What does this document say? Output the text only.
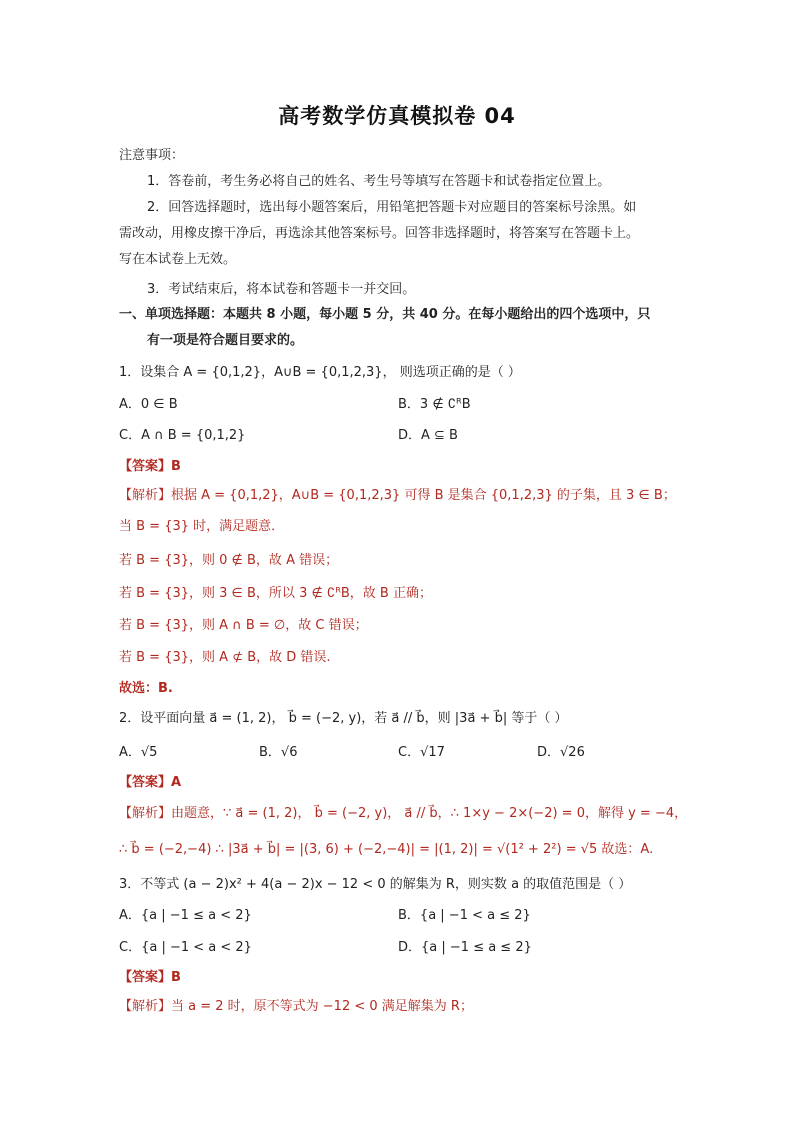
高考数学仿真模拟卷 04
注意事项：
1．答卷前，考生务必将自己的姓名、考生号等填写在答题卡和试卷指定位置上。
2．回答选择题时，选出每小题答案后，用铅笔把答题卡对应题目的答案标号涂黑。如
需改动，用橡皮擦干净后，再选涂其他答案标号。回答非选择题时，将答案写在答题卡上。
写在本试卷上无效。
3．考试结束后，将本试卷和答题卡一并交回。
一、单项选择题：本题共 8 小题，每小题 5 分，共 40 分。在每小题给出的四个选项中，只
有一项是符合题目要求的。
1．设集合 A = {0,1,2}，A∪B = {0,1,2,3}， 则选项正确的是（ ）
A．0 ∈ B	B．3 ∉ ∁ᴿB
C．A ∩ B = {0,1,2}	D．A ⊆ B
【答案】B
【解析】根据 A = {0,1,2}，A∪B = {0,1,2,3} 可得 B 是集合 {0,1,2,3} 的子集，且 3 ∈ B；
当 B = {3} 时，满足题意．
若 B = {3}，则 0 ∉ B，故 A 错误；
若 B = {3}，则 3 ∈ B，所以 3 ∉ ∁ᴿB，故 B 正确；
若 B = {3}，则 A ∩ B = ∅，故 C 错误；
若 B = {3}，则 A ⊄ B，故 D 错误.
故选：B.
2．设平面向量 a⃗ = (1, 2)， b⃗ = (−2, y)，若 a⃗ // b⃗，则 |3a⃗ + b⃗| 等于（ ）
A．√5	B．√6	C．√17	D．√26
【答案】A
【解析】由题意，∵ a⃗ = (1, 2)， b⃗ = (−2, y)， a⃗ // b⃗，∴ 1×y − 2×(−2) = 0，解得 y = −4，
∴ b⃗ = (−2,−4) ∴ |3a⃗ + b⃗| = |(3, 6) + (−2,−4)| = |(1, 2)| = √(1² + 2²) = √5 故选：A.
3．不等式 (a − 2)x² + 4(a − 2)x − 12 < 0 的解集为 R，则实数 a 的取值范围是（ ）
A．{a | −1 ≤ a < 2}	B．{a | −1 < a ≤ 2}
C．{a | −1 < a < 2}	D．{a | −1 ≤ a ≤ 2}
【答案】B
【解析】当 a = 2 时，原不等式为 −12 < 0 满足解集为 R；
